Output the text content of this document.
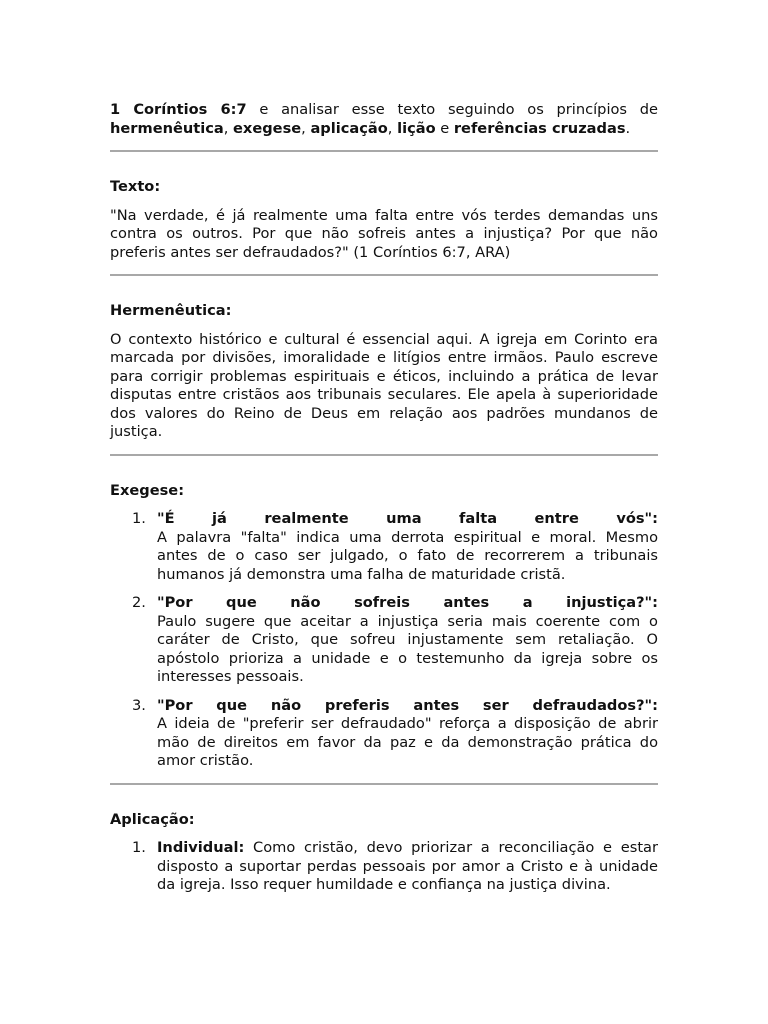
1 Coríntios 6:7 e analisar esse texto seguindo os princípios de hermenêutica, exegese, aplicação, lição e referências cruzadas.

Texto:

"Na verdade, é já realmente uma falta entre vós terdes demandas uns contra os outros. Por que não sofreis antes a injustiça? Por que não preferis antes ser defraudados?" (1 Coríntios 6:7, ARA)

Hermenêutica:

O contexto histórico e cultural é essencial aqui. A igreja em Corinto era marcada por divisões, imoralidade e litígios entre irmãos. Paulo escreve para corrigir problemas espirituais e éticos, incluindo a prática de levar disputas entre cristãos aos tribunais seculares. Ele apela à superioridade dos valores do Reino de Deus em relação aos padrões mundanos de justiça.

Exegese:

1. "É já realmente uma falta entre vós":
A palavra "falta" indica uma derrota espiritual e moral. Mesmo antes de o caso ser julgado, o fato de recorrerem a tribunais humanos já demonstra uma falha de maturidade cristã.
2. "Por que não sofreis antes a injustiça?":
Paulo sugere que aceitar a injustiça seria mais coerente com o caráter de Cristo, que sofreu injustamente sem retaliação. O apóstolo prioriza a unidade e o testemunho da igreja sobre os interesses pessoais.
3. "Por que não preferis antes ser defraudados?":
A ideia de "preferir ser defraudado" reforça a disposição de abrir mão de direitos em favor da paz e da demonstração prática do amor cristão.

Aplicação:

1. Individual: Como cristão, devo priorizar a reconciliação e estar disposto a suportar perdas pessoais por amor a Cristo e à unidade da igreja. Isso requer humildade e confiança na justiça divina.
